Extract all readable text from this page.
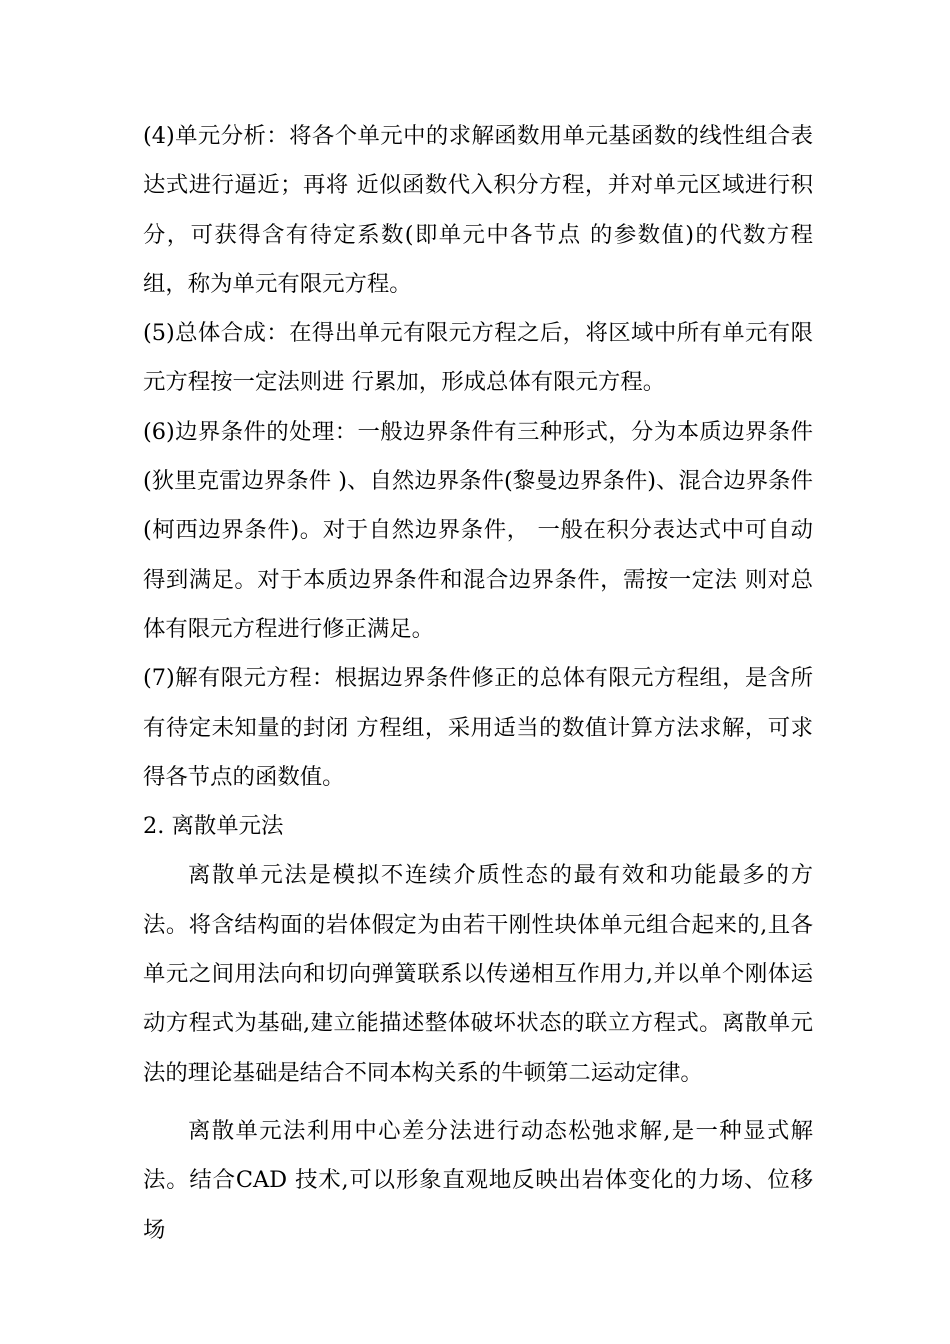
(4)单元分析：将各个单元中的求解函数用单元基函数的线性组合表达式进行逼近；再将 近似函数代入积分方程，并对单元区域进行积分，可获得含有待定系数(即单元中各节点 的参数值)的代数方程组，称为单元有限元方程。

(5)总体合成：在得出单元有限元方程之后，将区域中所有单元有限元方程按一定法则进 行累加，形成总体有限元方程。

(6)边界条件的处理：一般边界条件有三种形式，分为本质边界条件(狄里克雷边界条件 )、自然边界条件(黎曼边界条件)、混合边界条件(柯西边界条件)。对于自然边界条件， 一般在积分表达式中可自动得到满足。对于本质边界条件和混合边界条件，需按一定法 则对总体有限元方程进行修正满足。

(7)解有限元方程：根据边界条件修正的总体有限元方程组，是含所有待定未知量的封闭 方程组，采用适当的数值计算方法求解，可求得各节点的函数值。

2. 离散单元法

离散单元法是模拟不连续介质性态的最有效和功能最多的方法。将含结构面的岩体假定为由若干刚性块体单元组合起来的,且各单元之间用法向和切向弹簧联系以传递相互作用力,并以单个刚体运动方程式为基础,建立能描述整体破坏状态的联立方程式。离散单元法的理论基础是结合不同本构关系的牛顿第二运动定律。

离散单元法利用中心差分法进行动态松弛求解,是一种显式解法。结合CAD 技术,可以形象直观地反映出岩体变化的力场、位移场
